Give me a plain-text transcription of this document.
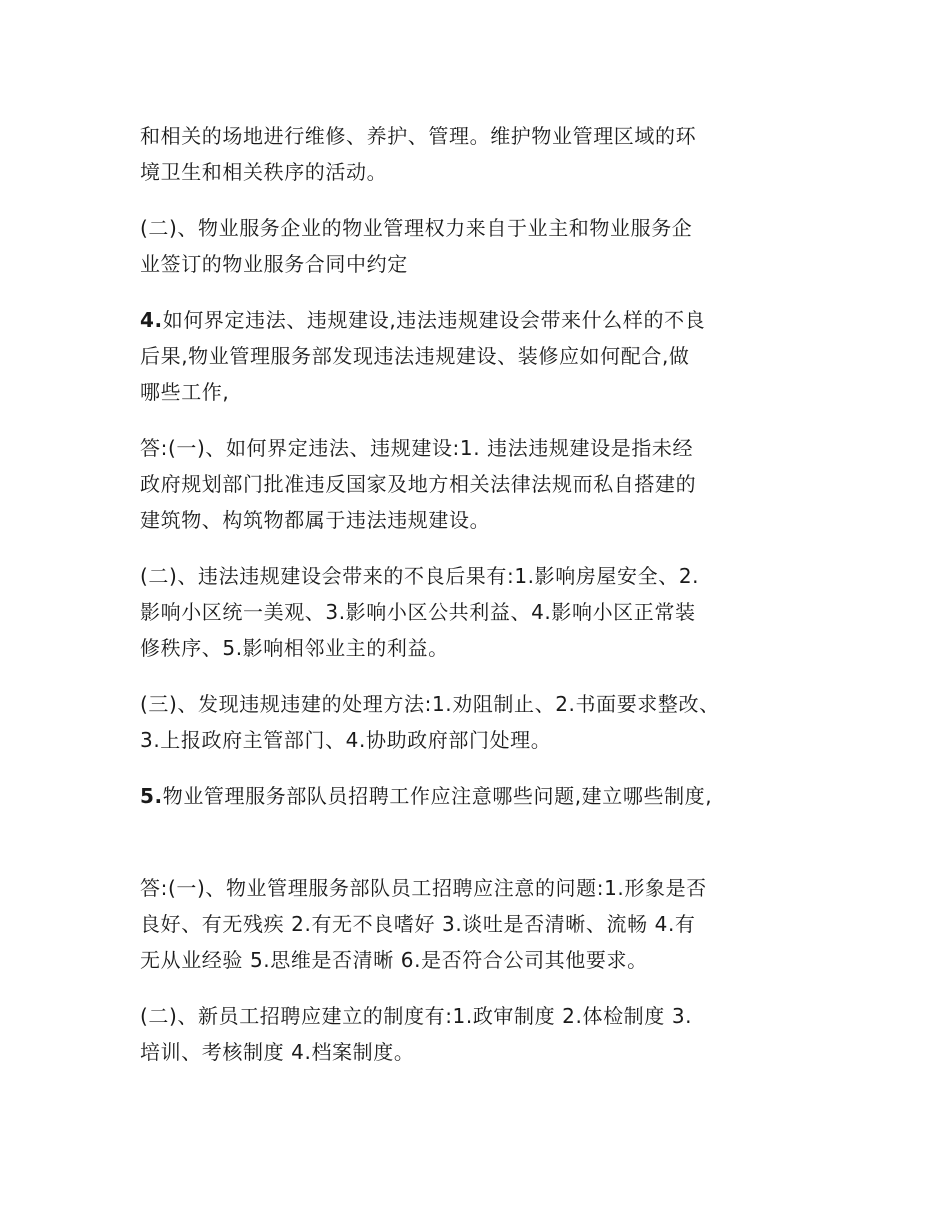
和相关的场地进行维修、养护、管理。维护物业管理区域的环
境卫生和相关秩序的活动。

(二)、物业服务企业的物业管理权力来自于业主和物业服务企
业签订的物业服务合同中约定

4.如何界定违法、违规建设,违法违规建设会带来什么样的不良
后果,物业管理服务部发现违法违规建设、装修应如何配合,做
哪些工作,

答:(一)、如何界定违法、违规建设:1. 违法违规建设是指未经
政府规划部门批准违反国家及地方相关法律法规而私自搭建的
建筑物、构筑物都属于违法违规建设。

(二)、违法违规建设会带来的不良后果有:1.影响房屋安全、2.
影响小区统一美观、3.影响小区公共利益、4.影响小区正常装
修秩序、5.影响相邻业主的利益。

(三)、发现违规违建的处理方法:1.劝阻制止、2.书面要求整改、
3.上报政府主管部门、4.协助政府部门处理。

5.物业管理服务部队员招聘工作应注意哪些问题,建立哪些制度,

答:(一)、物业管理服务部队员工招聘应注意的问题:1.形象是否
良好、有无残疾 2.有无不良嗜好 3.谈吐是否清晰、流畅 4.有
无从业经验 5.思维是否清晰 6.是否符合公司其他要求。

(二)、新员工招聘应建立的制度有:1.政审制度 2.体检制度 3.
培训、考核制度 4.档案制度。
